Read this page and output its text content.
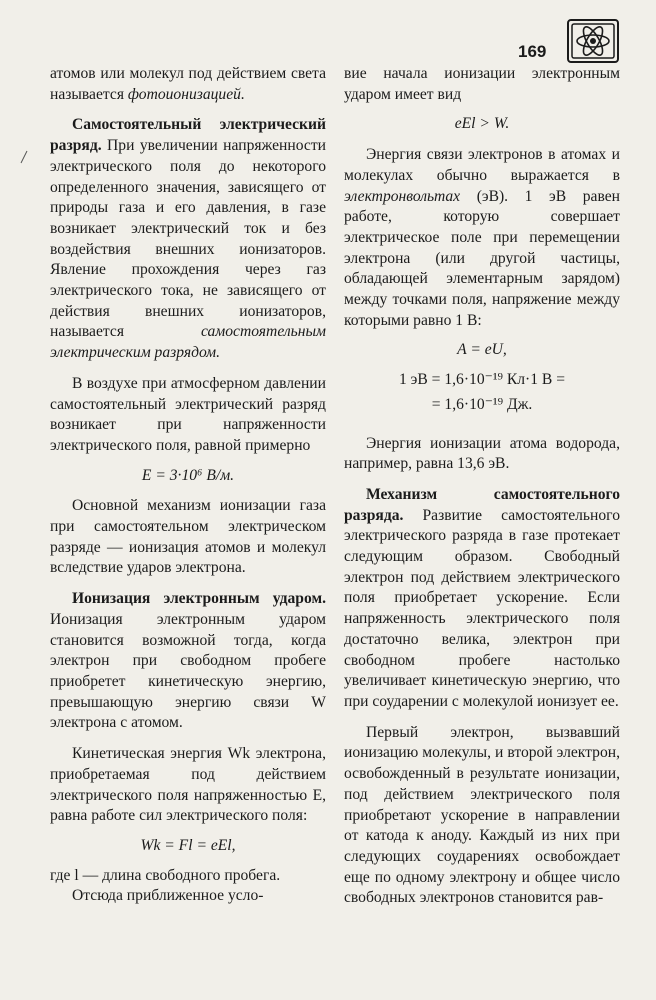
169

атомов или молекул под действием света называется фотоионизацией.

Самостоятельный электрический разряд. При увеличении напряженности электрического поля до некоторого определенного значения, зависящего от природы газа и его давления, в газе возникает электрический ток и без воздействия внешних ионизаторов. Явление прохождения через газ электрического тока, не зависящего от действия внешних ионизаторов, называется самостоятельным электрическим разрядом.

В воздухе при атмосферном давлении самостоятельный электрический разряд возникает при напряженности электрического поля, равной примерно

E = 3·10⁶ В/м.

Основной механизм ионизации газа при самостоятельном электрическом разряде — ионизация атомов и молекул вследствие ударов электрона.

Ионизация электронным ударом. Ионизация электронным ударом становится возможной тогда, когда электрон при свободном пробеге приобретет кинетическую энергию, превышающую энергию связи W электрона с атомом.

Кинетическая энергия Wk электрона, приобретаемая под действием электрического поля напряженностью E, равна работе сил электрического поля:

Wk = Fl = eEl,

где l — длина свободного пробега.

Отсюда приближенное усло-

вие начала ионизации электронным ударом имеет вид

eEl > W.

Энергия связи электронов в атомах и молекулах обычно выражается в электронвольтах (эВ). 1 эВ равен работе, которую совершает электрическое поле при перемещении электрона (или другой частицы, обладающей элементарным зарядом) между точками поля, напряжение между которыми равно 1 В:

A = eU,

1 эВ = 1,6·10⁻¹⁹ Кл·1 В =

= 1,6·10⁻¹⁹ Дж.

Энергия ионизации атома водорода, например, равна 13,6 эВ.

Механизм самостоятельного разряда. Развитие самостоятельного электрического разряда в газе протекает следующим образом. Свободный электрон под действием электрического поля приобретает ускорение. Если напряженность электрического поля достаточно велика, электрон при свободном пробеге настолько увеличивает кинетическую энергию, что при соударении с молекулой ионизует ее.

Первый электрон, вызвавший ионизацию молекулы, и второй электрон, освобожденный в результате ионизации, под действием электрического поля приобретают ускорение в направлении от катода к аноду. Каждый из них при следующих соударениях освобождает еще по одному электрону и общее число свободных электронов становится рав-
